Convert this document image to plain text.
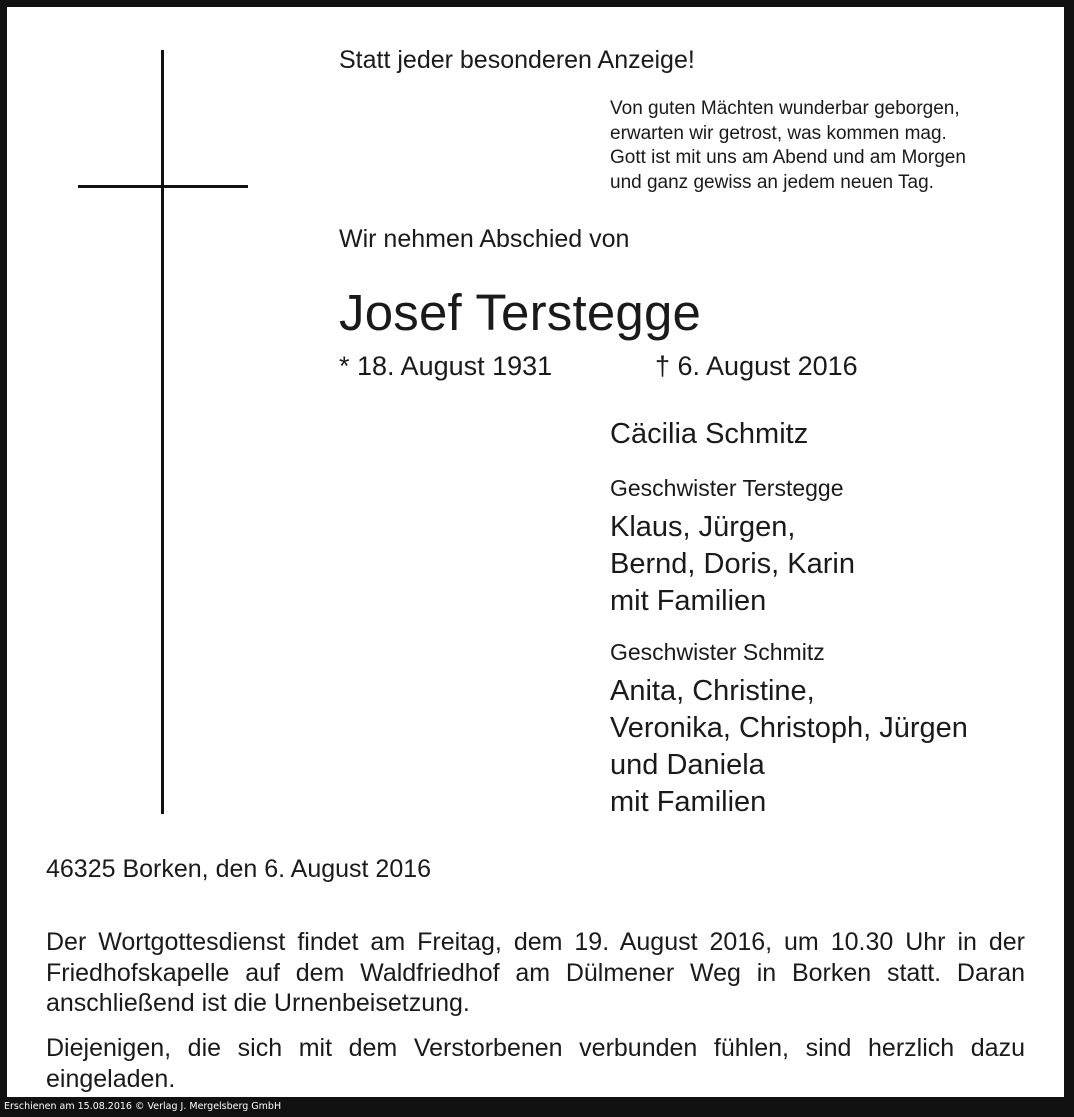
Statt jeder besonderen Anzeige!

Von guten Mächten wunderbar geborgen,
erwarten wir getrost, was kommen mag.
Gott ist mit uns am Abend und am Morgen
und ganz gewiss an jedem neuen Tag.

Wir nehmen Abschied von

Josef Terstegge

* 18. August 1931	† 6. August 2016

Cäcilia Schmitz

Geschwister Terstegge
Klaus, Jürgen,
Bernd, Doris, Karin
mit Familien
Geschwister Schmitz
Anita, Christine,
Veronika, Christoph, Jürgen
und Daniela
mit Familien

46325 Borken, den 6. August 2016

Der Wortgottesdienst findet am Freitag, dem 19. August 2016, um 10.30 Uhr in der Friedhofskapelle auf dem Waldfriedhof am Dülmener Weg in Borken statt. Daran anschließend ist die Urnenbeisetzung.

Diejenigen, die sich mit dem Verstorbenen verbunden fühlen, sind herzlich dazu eingeladen.

Erschienen am 15.08.2016 © Verlag J. Mergelsberg GmbH
